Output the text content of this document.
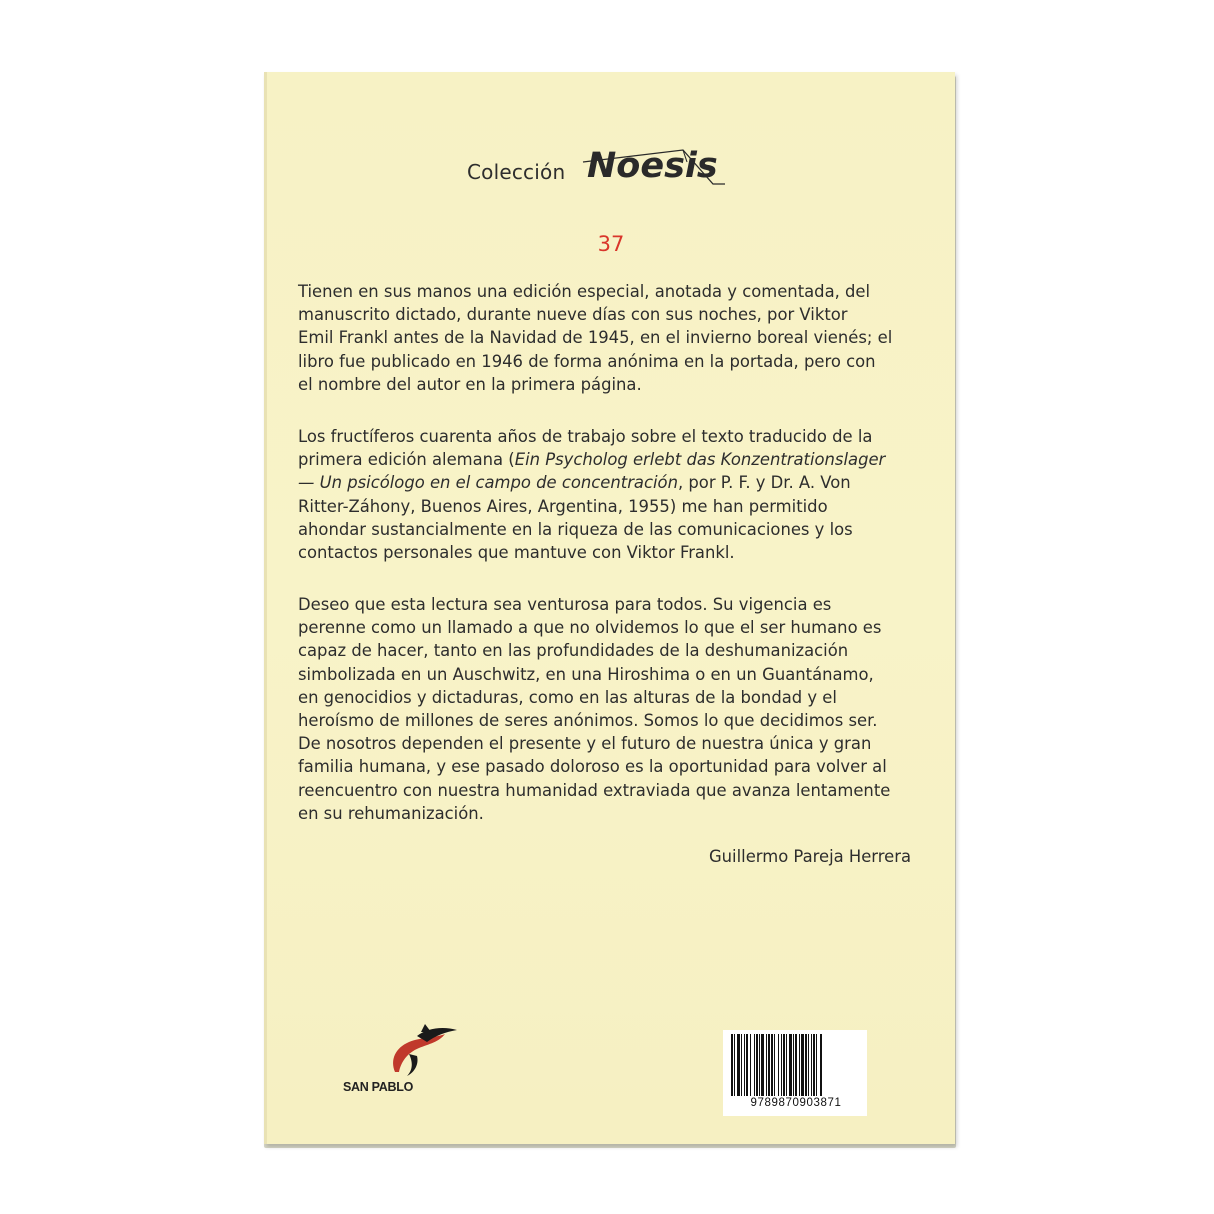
Colección Noesis
37
Tienen en sus manos una edición especial, anotada y comentada, del
manuscrito dictado, durante nueve días con sus noches, por Viktor
Emil Frankl antes de la Navidad de 1945, en el invierno boreal vienés; el
libro fue publicado en 1946 de forma anónima en la portada, pero con
el nombre del autor en la primera página.
Los fructíferos cuarenta años de trabajo sobre el texto traducido de la
primera edición alemana (Ein Psycholog erlebt das Konzentrationslager
— Un psicólogo en el campo de concentración, por P. F. y Dr. A. Von
Ritter-Záhony, Buenos Aires, Argentina, 1955) me han permitido
ahondar sustancialmente en la riqueza de las comunicaciones y los
contactos personales que mantuve con Viktor Frankl.
Deseo que esta lectura sea venturosa para todos. Su vigencia es
perenne como un llamado a que no olvidemos lo que el ser humano es
capaz de hacer, tanto en las profundidades de la deshumanización
simbolizada en un Auschwitz, en una Hiroshima o en un Guantánamo,
en genocidios y dictaduras, como en las alturas de la bondad y el
heroísmo de millones de seres anónimos. Somos lo que decidimos ser.
De nosotros dependen el presente y el futuro de nuestra única y gran
familia humana, y ese pasado doloroso es la oportunidad para volver al
reencuentro con nuestra humanidad extraviada que avanza lentamente
en su rehumanización.
Guillermo Pareja Herrera
SAN PABLO
9789870903871
